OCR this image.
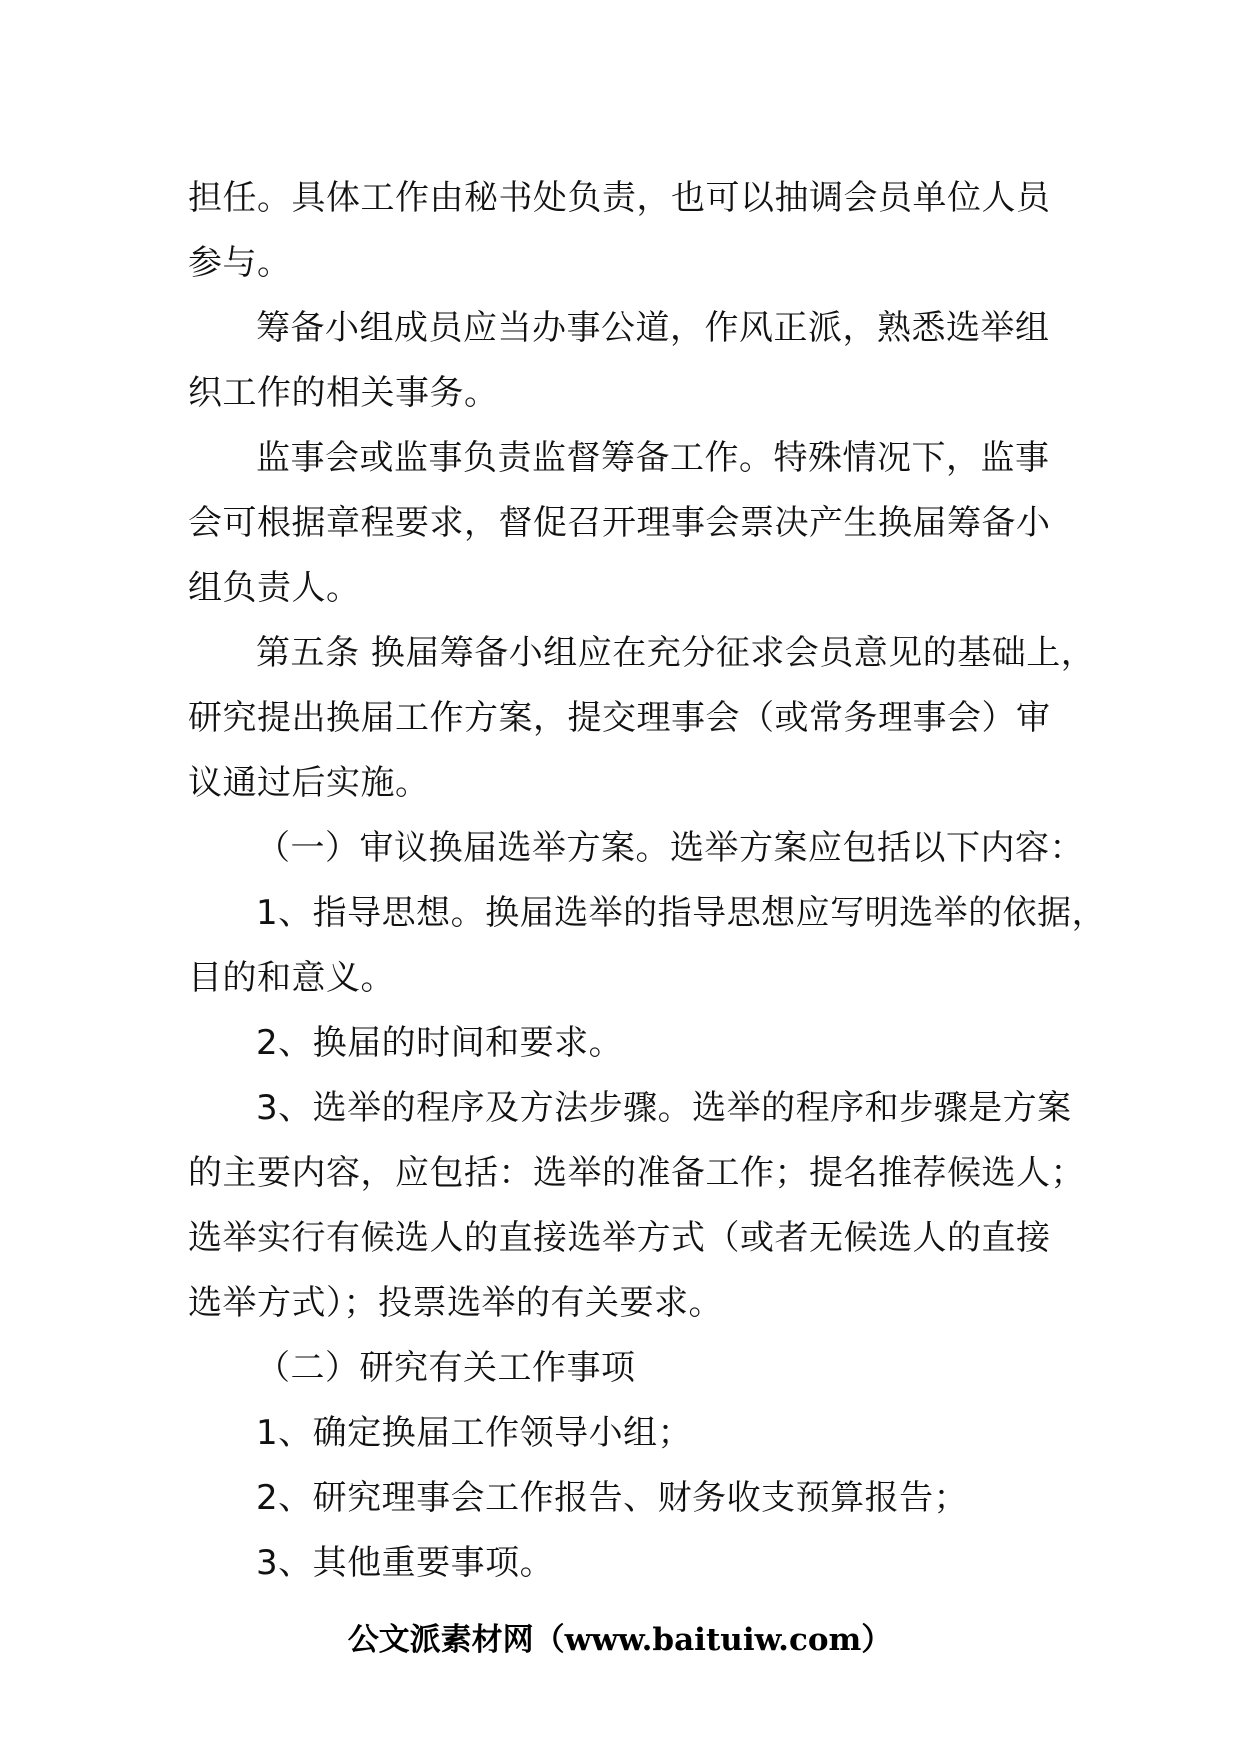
担任。具体工作由秘书处负责，也可以抽调会员单位人员
参与。
筹备小组成员应当办事公道，作风正派，熟悉选举组
织工作的相关事务。
监事会或监事负责监督筹备工作。特殊情况下，监事
会可根据章程要求，督促召开理事会票决产生换届筹备小
组负责人。
第五条 换届筹备小组应在充分征求会员意见的基础上，
研究提出换届工作方案，提交理事会（或常务理事会）审
议通过后实施。
（一）审议换届选举方案。选举方案应包括以下内容：
1、指导思想。换届选举的指导思想应写明选举的依据，
目的和意义。
2、换届的时间和要求。
3、选举的程序及方法步骤。选举的程序和步骤是方案
的主要内容，应包括：选举的准备工作；提名推荐候选人；
选举实行有候选人的直接选举方式（或者无候选人的直接
选举方式）；投票选举的有关要求。
（二）研究有关工作事项
1、确定换届工作领导小组；
2、研究理事会工作报告、财务收支预算报告；
3、其他重要事项。
公文派素材网（www.baituiw.com）
